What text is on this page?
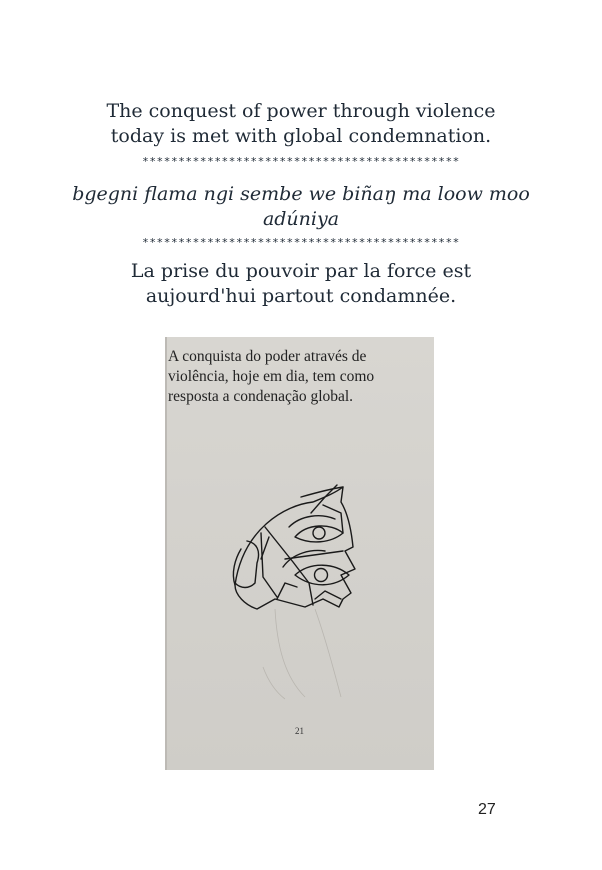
The conquest of power through violence
today is met with global condemnation.
********************************************
bgegni flama ngi sembe we biñaŋ ma loow moo
adúniya
********************************************
La prise du pouvoir par la force est
aujourd'hui partout condamnée.
A conquista do poder através de
violência, hoje em dia, tem como
resposta a condenação global.
21
27
